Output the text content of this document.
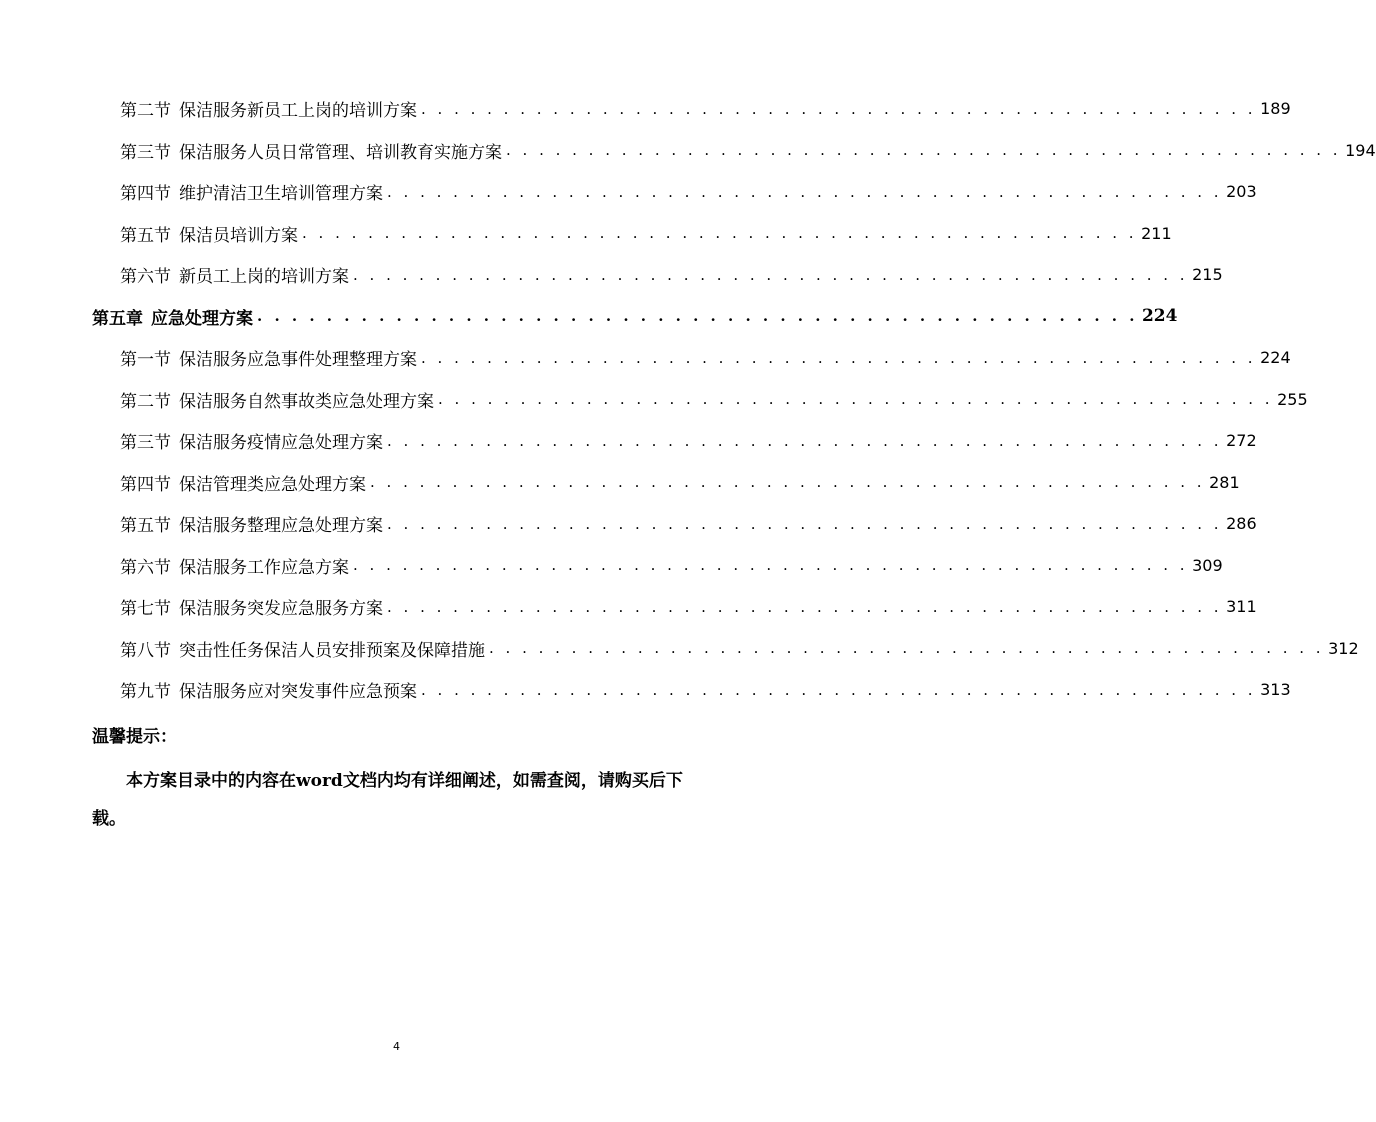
第二节 保洁服务新员工上岗的培训方案 . . . . . . . . . . . . . . . . . . . . . . . . . . . . . . . . . . . . . . . . . . . . . . . . . . . 189
第三节 保洁服务人员日常管理、培训教育实施方案 . . . . . . . . . . . . . . . . . . . . . . . . . . . . . . . . . . . . . . . . . . . . . . . . . . . 194
第四节 维护清洁卫生培训管理方案 . . . . . . . . . . . . . . . . . . . . . . . . . . . . . . . . . . . . . . . . . . . . . . . . . . . 203
第五节 保洁员培训方案 . . . . . . . . . . . . . . . . . . . . . . . . . . . . . . . . . . . . . . . . . . . . . . . . . . . 211
第六节 新员工上岗的培训方案 . . . . . . . . . . . . . . . . . . . . . . . . . . . . . . . . . . . . . . . . . . . . . . . . . . . 215
第五章 应急处理方案 . . . . . . . . . . . . . . . . . . . . . . . . . . . . . . . . . . . . . . . . . . . . . . . . . . . 224
第一节 保洁服务应急事件处理整理方案 . . . . . . . . . . . . . . . . . . . . . . . . . . . . . . . . . . . . . . . . . . . . . . . . . . . 224
第二节 保洁服务自然事故类应急处理方案 . . . . . . . . . . . . . . . . . . . . . . . . . . . . . . . . . . . . . . . . . . . . . . . . . . . 255
第三节 保洁服务疫情应急处理方案 . . . . . . . . . . . . . . . . . . . . . . . . . . . . . . . . . . . . . . . . . . . . . . . . . . . 272
第四节 保洁管理类应急处理方案 . . . . . . . . . . . . . . . . . . . . . . . . . . . . . . . . . . . . . . . . . . . . . . . . . . . 281
第五节 保洁服务整理应急处理方案 . . . . . . . . . . . . . . . . . . . . . . . . . . . . . . . . . . . . . . . . . . . . . . . . . . . 286
第六节 保洁服务工作应急方案 . . . . . . . . . . . . . . . . . . . . . . . . . . . . . . . . . . . . . . . . . . . . . . . . . . . 309
第七节 保洁服务突发应急服务方案 . . . . . . . . . . . . . . . . . . . . . . . . . . . . . . . . . . . . . . . . . . . . . . . . . . . 311
第八节 突击性任务保洁人员安排预案及保障措施 . . . . . . . . . . . . . . . . . . . . . . . . . . . . . . . . . . . . . . . . . . . . . . . . . . . 312
第九节 保洁服务应对突发事件应急预案 . . . . . . . . . . . . . . . . . . . . . . . . . . . . . . . . . . . . . . . . . . . . . . . . . . . 313
温馨提示：
本方案目录中的内容在word文档内均有详细阐述，如需查阅，请购买后下载。
4
